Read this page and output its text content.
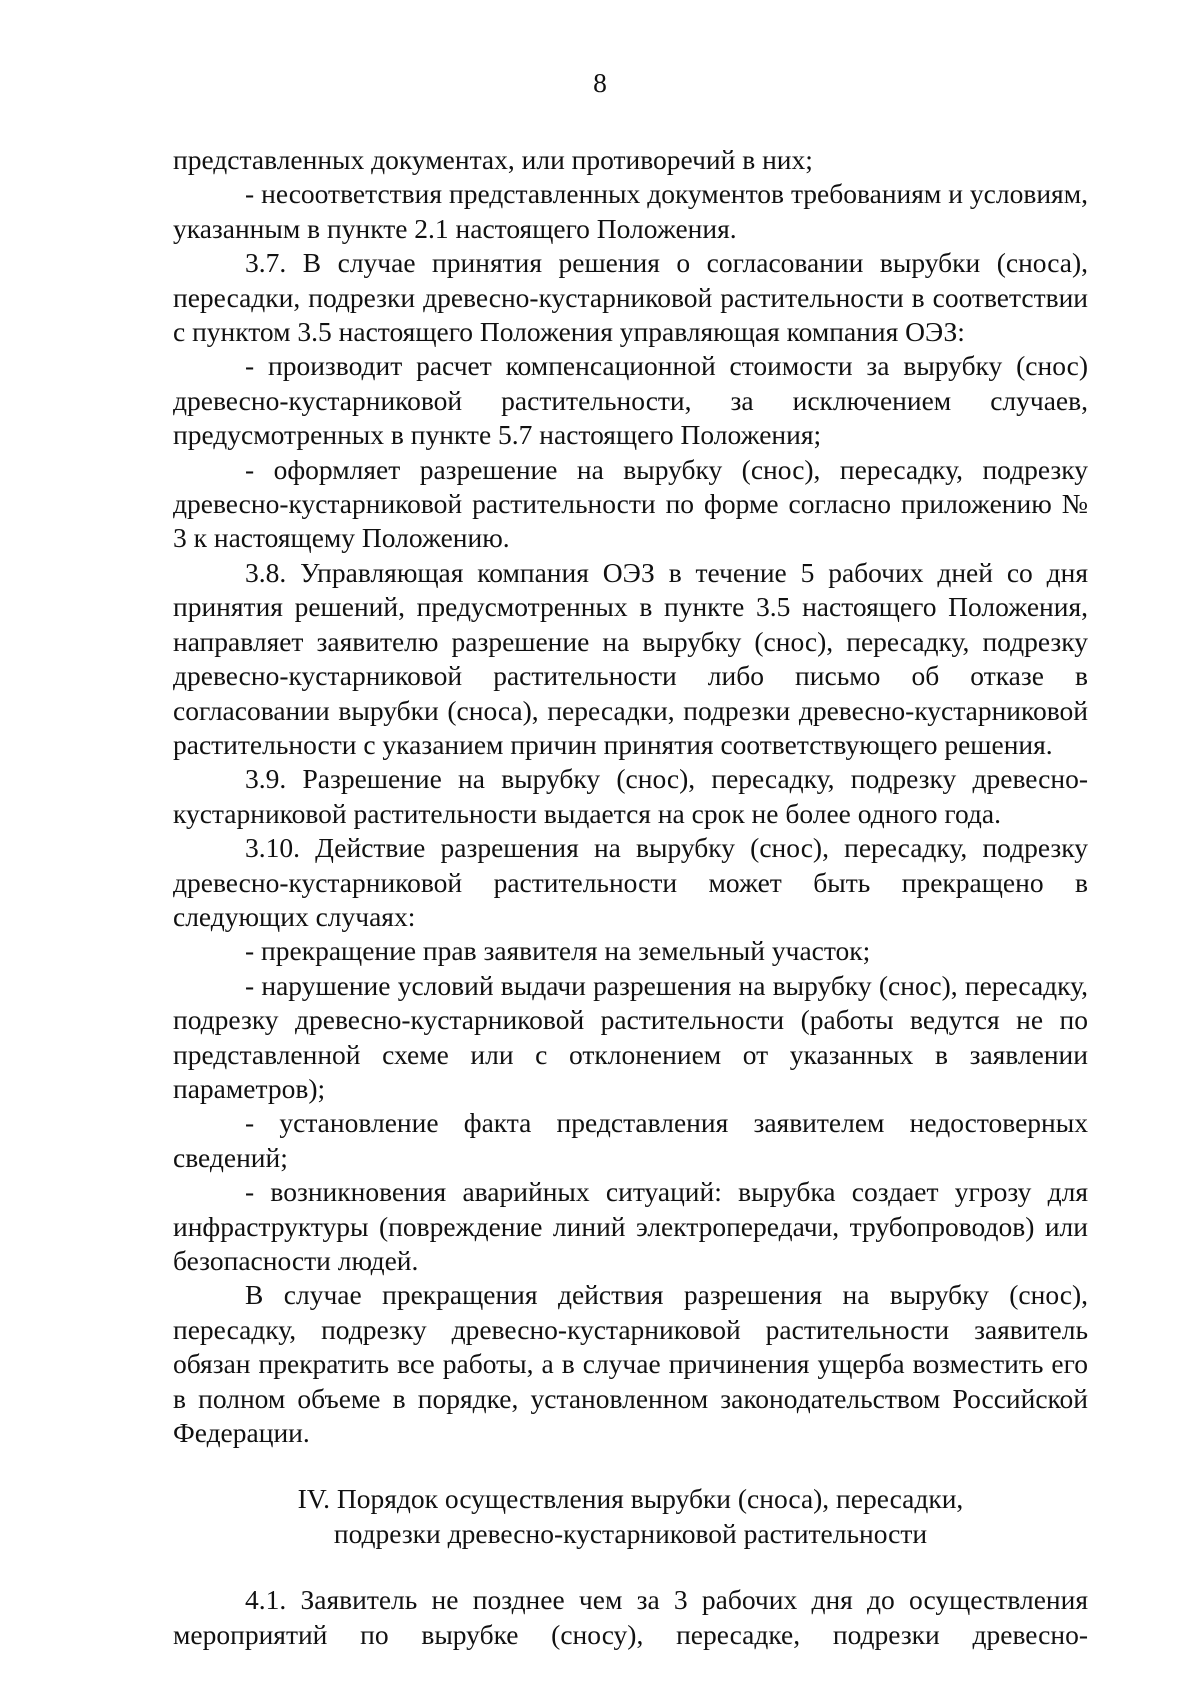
8

представленных документах, или противоречий в них;

- несоответствия представленных документов требованиям и условиям, указанным в пункте 2.1 настоящего Положения.

3.7. В случае принятия решения о согласовании вырубки (сноса), пересадки, подрезки древесно-кустарниковой растительности в соответствии с пунктом 3.5 настоящего Положения управляющая компания ОЭЗ:

- производит расчет компенсационной стоимости за вырубку (снос) древесно-кустарниковой растительности, за исключением случаев, предусмотренных в пункте 5.7 настоящего Положения;

- оформляет разрешение на вырубку (снос), пересадку, подрезку древесно-кустарниковой растительности по форме согласно приложению № 3 к настоящему Положению.

3.8. Управляющая компания ОЭЗ в течение 5 рабочих дней со дня принятия решений, предусмотренных в пункте 3.5 настоящего Положения, направляет заявителю разрешение на вырубку (снос), пересадку, подрезку древесно-кустарниковой растительности либо письмо об отказе в согласовании вырубки (сноса), пересадки, подрезки древесно-кустарниковой растительности с указанием причин принятия соответствующего решения.

3.9. Разрешение на вырубку (снос), пересадку, подрезку древесно-кустарниковой растительности выдается на срок не более одного года.

3.10. Действие разрешения на вырубку (снос), пересадку, подрезку древесно-кустарниковой растительности может быть прекращено в следующих случаях:

- прекращение прав заявителя на земельный участок;

- нарушение условий выдачи разрешения на вырубку (снос), пересадку, подрезку древесно-кустарниковой растительности (работы ведутся не по представленной схеме или с отклонением от указанных в заявлении параметров);

- установление факта представления заявителем недостоверных сведений;

- возникновения аварийных ситуаций: вырубка создает угрозу для инфраструктуры (повреждение линий электропередачи, трубопроводов) или безопасности людей.

В случае прекращения действия разрешения на вырубку (снос), пересадку, подрезку древесно-кустарниковой растительности заявитель обязан прекратить все работы, а в случае причинения ущерба возместить его в полном объеме в порядке, установленном законодательством Российской Федерации.

IV. Порядок осуществления вырубки (сноса), пересадки,
подрезки древесно-кустарниковой растительности

4.1. Заявитель не позднее чем за 3 рабочих дня до осуществления мероприятий по вырубке (сносу), пересадке, подрезки древесно-
